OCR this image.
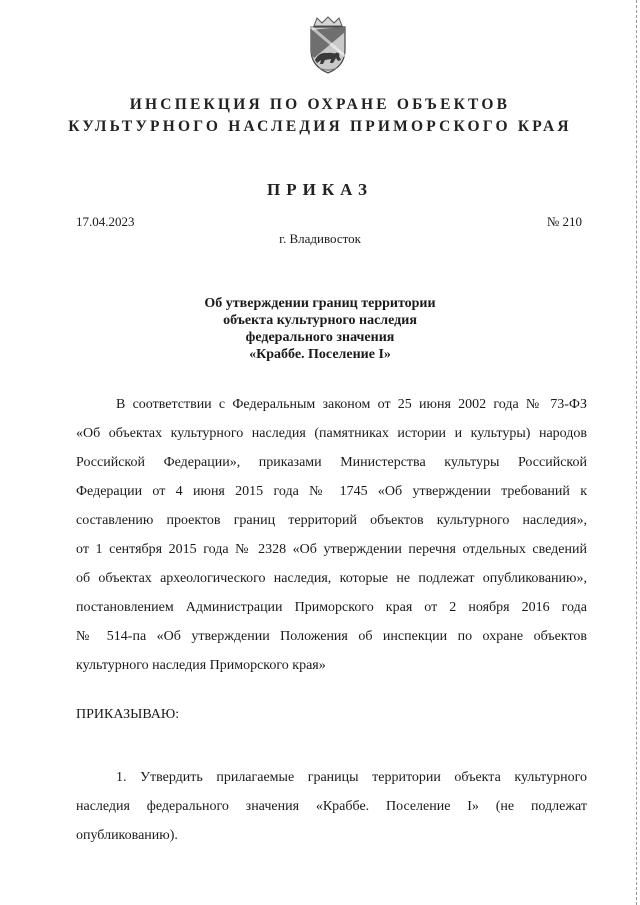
ИНСПЕКЦИЯ ПО ОХРАНЕ ОБЪЕКТОВ
КУЛЬТУРНОГО НАСЛЕДИЯ ПРИМОРСКОГО КРАЯ
ПРИКАЗ
17.04.2023	№ 210
г. Владивосток
Об утверждении границ территории
объекта культурного наследия
федерального значения
«Краббе. Поселение I»
В соответствии с Федеральным законом от 25 июня 2002 года № 73-ФЗ
«Об объектах культурного наследия (памятниках истории и культуры) народов
Российской Федерации», приказами Министерства культуры Российской
Федерации от 4 июня 2015 года № 1745 «Об утверждении требований к
составлению проектов границ территорий объектов культурного наследия»,
от 1 сентября 2015 года № 2328 «Об утверждении перечня отдельных сведений
об объектах археологического наследия, которые не подлежат опубликованию»,
постановлением Администрации Приморского края от 2 ноября 2016 года
№ 514-па «Об утверждении Положения об инспекции по охране объектов
культурного наследия Приморского края»
ПРИКАЗЫВАЮ:
1. Утвердить прилагаемые границы территории объекта культурного
наследия федерального значения «Краббе. Поселение I» (не подлежат
опубликованию).
